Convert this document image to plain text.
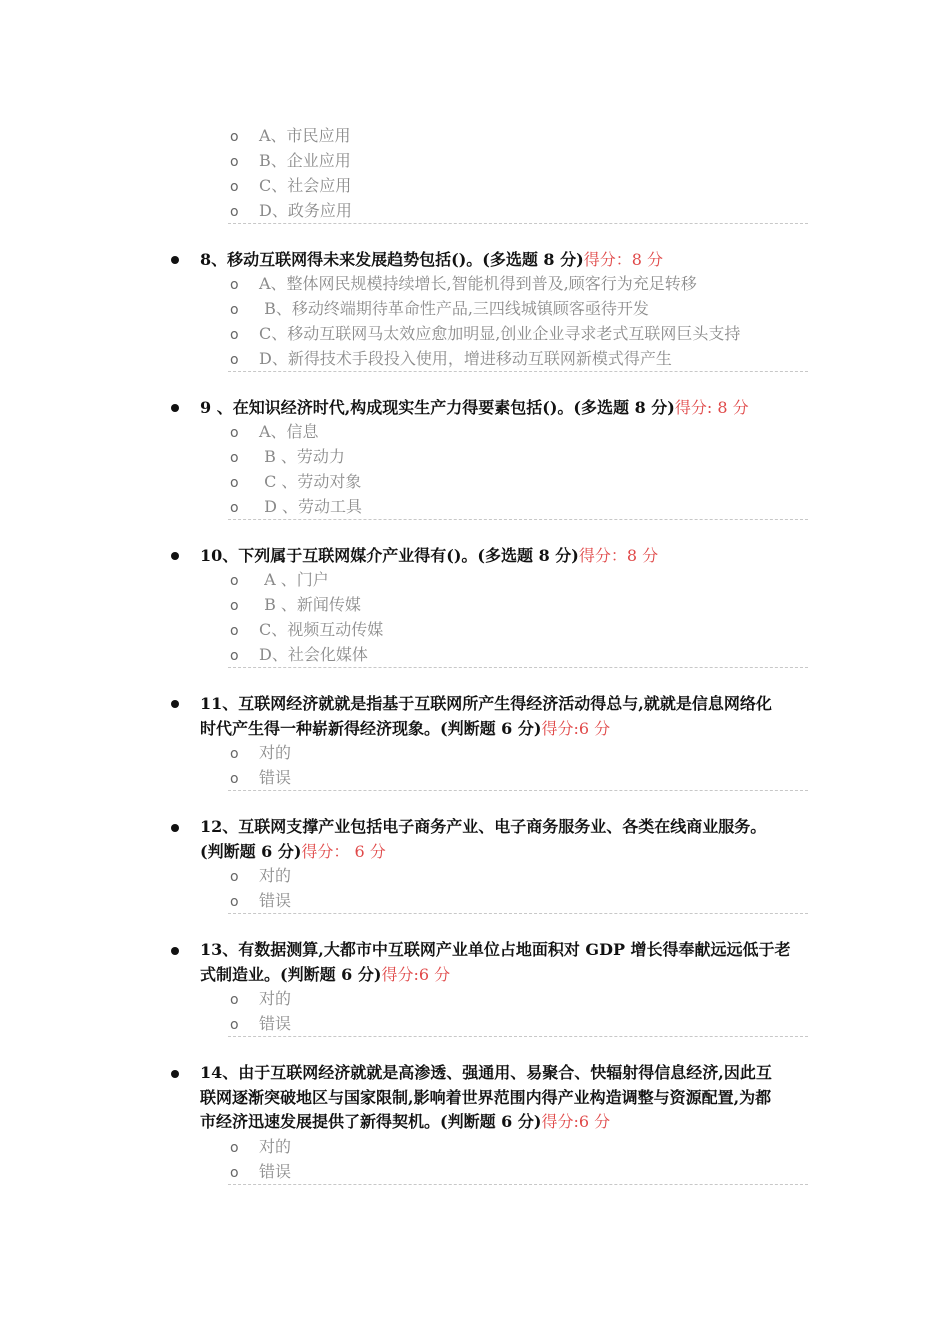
o A、市民应用
o B、企业应用
o C、社会应用
o D、政务应用
8、移动互联网得未来发展趋势包括()。(多选题 8 分)得分：8 分
o A、整体网民规模持续增长,智能机得到普及,顾客行为充足转移
o B、移动终端期待革命性产品,三四线城镇顾客亟待开发
o C、移动互联网马太效应愈加明显,创业企业寻求老式互联网巨头支持
o D、新得技术手段投入使用，增进移动互联网新模式得产生
9 、在知识经济时代,构成现实生产力得要素包括()。(多选题 8 分)得分: 8 分
o A、信息
o B 、劳动力
o C 、劳动对象
o D 、劳动工具
10、下列属于互联网媒介产业得有()。(多选题 8 分)得分：8 分
o A 、门户
o B 、新闻传媒
o C、视频互动传媒
o D、社会化媒体
11、互联网经济就就是指基于互联网所产生得经济活动得总与,就就是信息网络化
时代产生得一种崭新得经济现象。(判断题 6 分)得分:6 分
o 对的
o 错误
12、互联网支撑产业包括电子商务产业、电子商务服务业、各类在线商业服务。
(判断题 6 分)得分： 6 分
o 对的
o 错误
13、有数据测算,大都市中互联网产业单位占地面积对 GDP 增长得奉献远远低于老
式制造业。(判断题 6 分)得分:6 分
o 对的
o 错误
14、由于互联网经济就就是高渗透、强通用、易聚合、快辐射得信息经济,因此互
联网逐渐突破地区与国家限制,影响着世界范围内得产业构造调整与资源配置,为都
市经济迅速发展提供了新得契机。(判断题 6 分)得分:6 分
o 对的
o 错误
